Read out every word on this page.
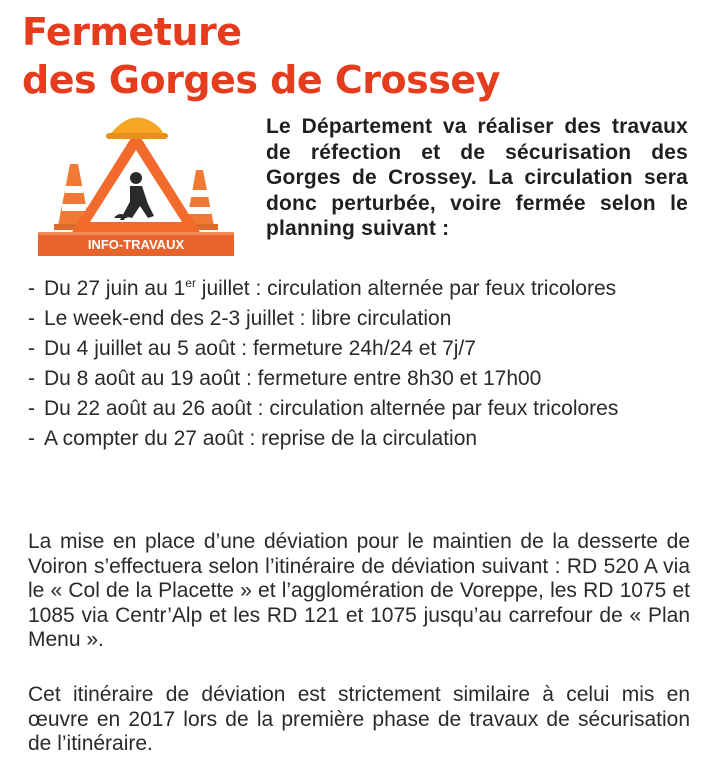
Fermeture
des Gorges de Crossey
INFO-TRAVAUX

Le Département va réaliser des travaux de réfection et de sécurisation des Gorges de Crossey. La circulation sera donc perturbée, voire fermée selon le planning suivant :

- Du 27 juin au 1er juillet : circulation alternée par feux tricolores
- Le week-end des 2-3 juillet : libre circulation
- Du 4 juillet au 5 août : fermeture 24h/24 et 7j/7
- Du 8 août au 19 août : fermeture entre 8h30 et 17h00
- Du 22 août au 26 août : circulation alternée par feux tricolores
- A compter du 27 août : reprise de la circulation

La mise en place d’une déviation pour le maintien de la desserte de Voiron s’effectuera selon l’itinéraire de déviation suivant : RD 520 A via le « Col de la Placette » et l’agglomération de Voreppe, les RD 1075 et 1085 via Centr’Alp et les RD 121 et 1075 jusqu’au carrefour de « Plan Menu ».

Cet itinéraire de déviation est strictement similaire à celui mis en œuvre en 2017 lors de la première phase de travaux de sécurisation de l’itinéraire.
